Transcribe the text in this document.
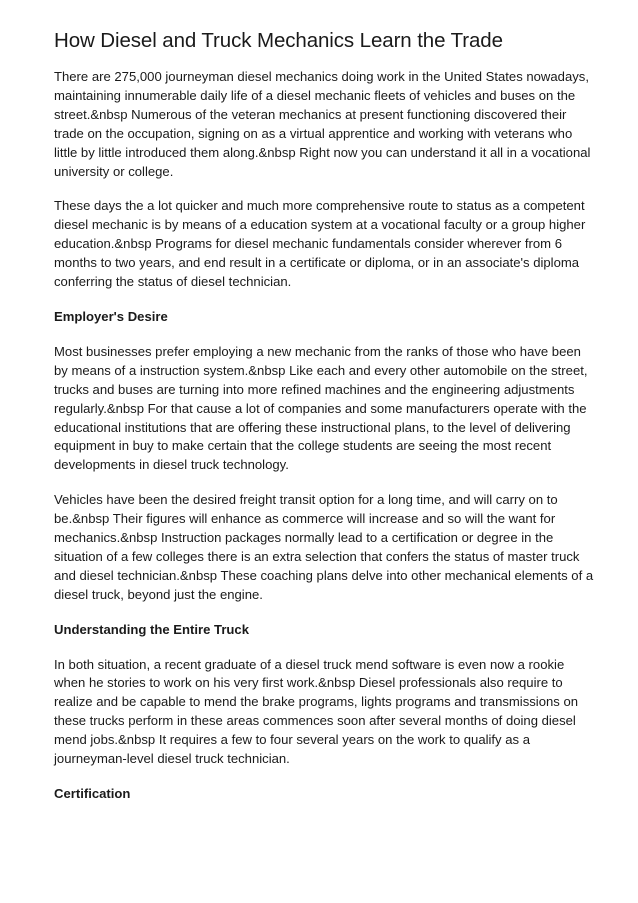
How Diesel and Truck Mechanics Learn the Trade

There are 275,000 journeyman diesel mechanics doing work in the United States nowadays,
maintaining innumerable daily life of a diesel mechanic fleets of vehicles and buses on the
street.&nbsp Numerous of the veteran mechanics at present functioning discovered their
trade on the occupation, signing on as a virtual apprentice and working with veterans who
little by little introduced them along.&nbsp Right now you can understand it all in a vocational
university or college.

These days the a lot quicker and much more comprehensive route to status as a competent
diesel mechanic is by means of a education system at a vocational faculty or a group higher
education.&nbsp Programs for diesel mechanic fundamentals consider wherever from 6
months to two years, and end result in a certificate or diploma, or in an associate's diploma
conferring the status of diesel technician.

Employer's Desire

Most businesses prefer employing a new mechanic from the ranks of those who have been
by means of a instruction system.&nbsp Like each and every other automobile on the street,
trucks and buses are turning into more refined machines and the engineering adjustments
regularly.&nbsp For that cause a lot of companies and some manufacturers operate with the
educational institutions that are offering these instructional plans, to the level of delivering
equipment in buy to make certain that the college students are seeing the most recent
developments in diesel truck technology.

Vehicles have been the desired freight transit option for a long time, and will carry on to
be.&nbsp Their figures will enhance as commerce will increase and so will the want for
mechanics.&nbsp Instruction packages normally lead to a certification or degree in the
situation of a few colleges there is an extra selection that confers the status of master truck
and diesel technician.&nbsp These coaching plans delve into other mechanical elements of a
diesel truck, beyond just the engine.

Understanding the Entire Truck

In both situation, a recent graduate of a diesel truck mend software is even now a rookie
when he stories to work on his very first work.&nbsp Diesel professionals also require to
realize and be capable to mend the brake programs, lights programs and transmissions on
these trucks perform in these areas commences soon after several months of doing diesel
mend jobs.&nbsp It requires a few to four several years on the work to qualify as a
journeyman-level diesel truck technician.

Certification
